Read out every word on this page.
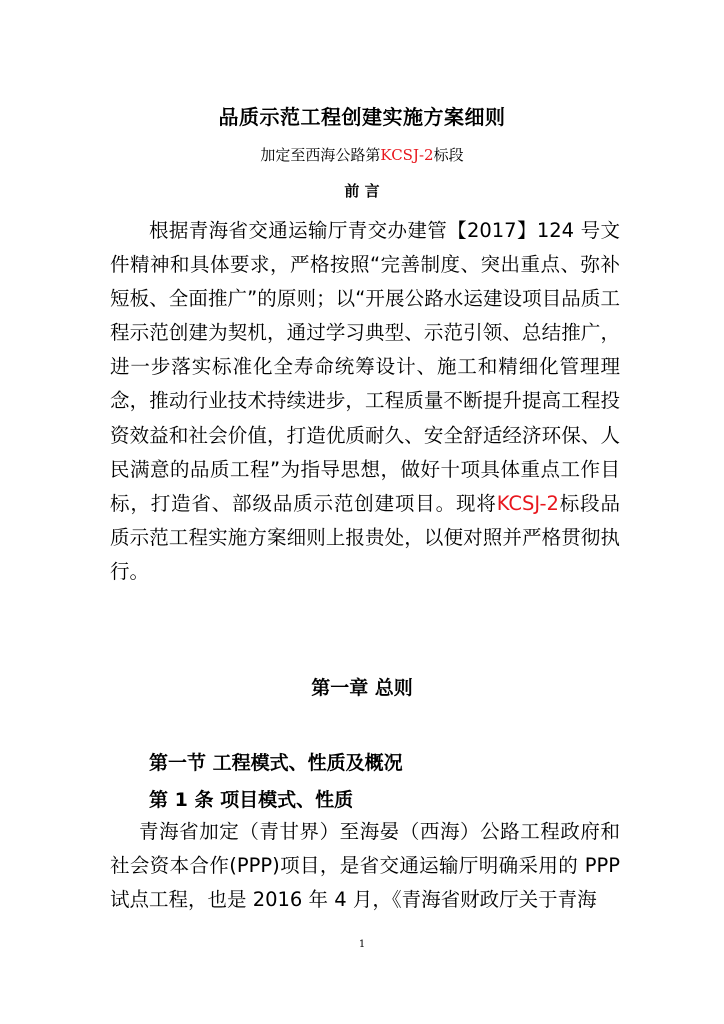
品质示范工程创建实施方案细则
加定至西海公路第KCSJ-2标段
前 言

根据青海省交通运输厅青交办建管【2017】124 号文件精神和具体要求，严格按照“完善制度、突出重点、弥补短板、全面推广”的原则；以“开展公路水运建设项目品质工程示范创建为契机，通过学习典型、示范引领、总结推广，进一步落实标准化全寿命统筹设计、施工和精细化管理理念，推动行业技术持续进步，工程质量不断提升提高工程投资效益和社会价值，打造优质耐久、安全舒适经济环保、人民满意的品质工程”为指导思想，做好十项具体重点工作目标，打造省、部级品质示范创建项目。现将KCSJ-2标段品质示范工程实施方案细则上报贵处，以便对照并严格贯彻执行。

第一章 总则
第一节 工程模式、性质及概况
第 1 条 项目模式、性质

青海省加定（青甘界）至海晏（西海）公路工程政府和社会资本合作(PPP)项目，是省交通运输厅明确采用的 PPP 试点工程，也是 2016 年 4 月，《青海省财政厅关于青海

1
